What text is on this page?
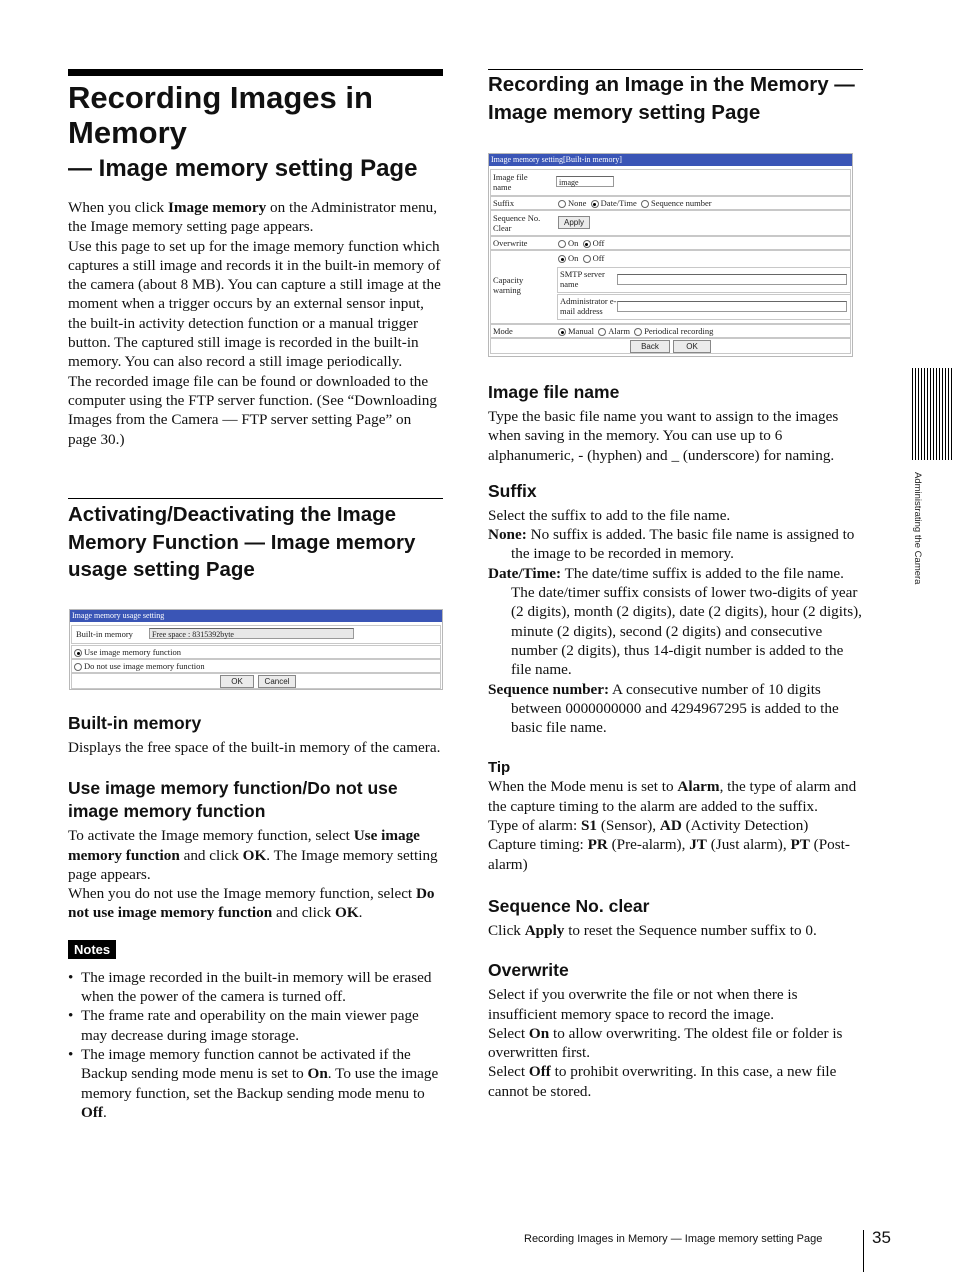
Recording Images in
Memory
— Image memory setting Page

When you click Image memory on the Administrator menu, the Image memory setting page appears.

Use this page to set up for the image memory function which captures a still image and records it in the built-in memory of the camera (about 8 MB). You can capture a still image at the moment when a trigger occurs by an external sensor input, the built-in activity detection function or a manual trigger button. The captured still image is recorded in the built-in memory. You can also record a still image periodically.

The recorded image file can be found or downloaded to the computer using the FTP server function. (See “Downloading Images from the Camera — FTP server setting Page” on page 30.)

Activating/Deactivating the Image Memory Function — Image memory usage setting Page
Image memory usage setting
Built-in memory	Free space : 8315392byte
Use image memory function
Do not use image memory function
OK	Cancel
Built-in memory

Displays the free space of the built-in memory of the camera.

Use image memory function/Do not use image memory function

To activate the Image memory function, select Use image memory function and click OK. The Image memory setting page appears.

When you do not use the Image memory function, select Do not use image memory function and click OK.

Notes

• The image recorded in the built-in memory will be erased when the power of the camera is turned off.

• The frame rate and operability on the main viewer page may decrease during image storage.

• The image memory function cannot be activated if the Backup sending mode menu is set to On. To use the image memory function, set the Backup sending mode menu to Off.

Recording an Image in the Memory — Image memory setting Page
Image memory setting[Built-in memory]
Image file name	image
Suffix	None Date/Time Sequence number
Sequence No. Clear
Apply
Overwrite	On Off
Capacity warning
On Off
SMTP server name
Administrator e-mail address
Mode	Manual Alarm Periodical recording
Back	OK
Image file name

Type the basic file name you want to assign to the images when saving in the memory. You can use up to 6 alphanumeric, - (hyphen) and _ (underscore) for naming.

Suffix

Select the suffix to add to the file name.

None: No suffix is added. The basic file name is assigned to the image to be recorded in memory.

Date/Time: The date/time suffix is added to the file name.

The date/timer suffix consists of lower two-digits of year (2 digits), month (2 digits), date (2 digits), hour (2 digits), minute (2 digits), second (2 digits) and consecutive number (2 digits), thus 14-digit number is added to the file name.

Sequence number: A consecutive number of 10 digits between 0000000000 and 4294967295 is added to the basic file name.

Tip

When the Mode menu is set to Alarm, the type of alarm and the capture timing to the alarm are added to the suffix.

Type of alarm: S1 (Sensor), AD (Activity Detection)

Capture timing: PR (Pre-alarm), JT (Just alarm), PT (Post-alarm)

Sequence No. clear

Click Apply to reset the Sequence number suffix to 0.

Overwrite

Select if you overwrite the file or not when there is insufficient memory space to record the image.

Select On to allow overwriting. The oldest file or folder is overwritten first.

Select Off to prohibit overwriting. In this case, a new file cannot be stored.

Administrating the Camera
Recording Images in Memory — Image memory setting Page	35
